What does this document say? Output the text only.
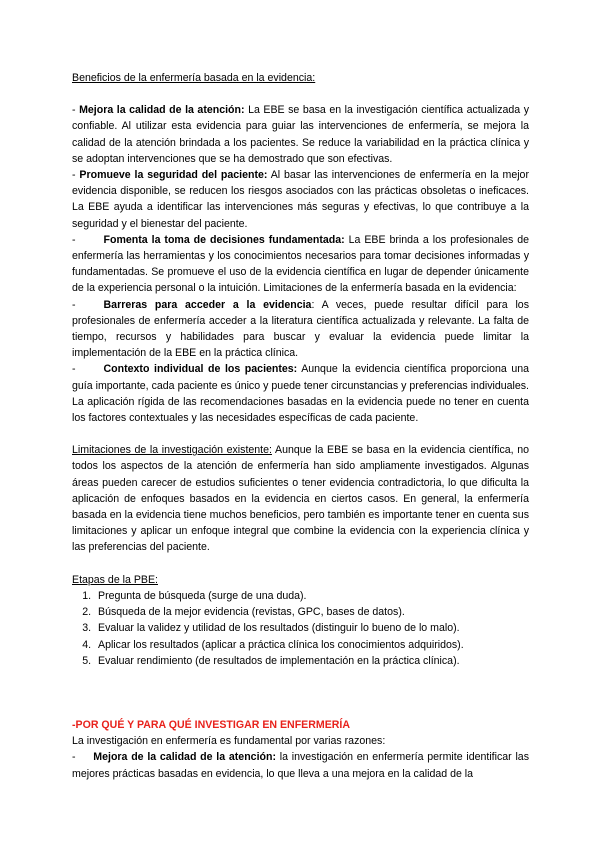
Beneficios de la enfermería basada en la evidencia:

- Mejora la calidad de la atención: La EBE se basa en la investigación científica actualizada y confiable. Al utilizar esta evidencia para guiar las intervenciones de enfermería, se mejora la calidad de la atención brindada a los pacientes. Se reduce la variabilidad en la práctica clínica y se adoptan intervenciones que se ha demostrado que son efectivas.

- Promueve la seguridad del paciente: Al basar las intervenciones de enfermería en la mejor evidencia disponible, se reducen los riesgos asociados con las prácticas obsoletas o ineficaces. La EBE ayuda a identificar las intervenciones más seguras y efectivas, lo que contribuye a la seguridad y el bienestar del paciente.

-	Fomenta la toma de decisiones fundamentada: La EBE brinda a los profesionales de enfermería las herramientas y los conocimientos necesarios para tomar decisiones informadas y fundamentadas. Se promueve el uso de la evidencia científica en lugar de depender únicamente de la experiencia personal o la intuición. Limitaciones de la enfermería basada en la evidencia:

-	Barreras para acceder a la evidencia: A veces, puede resultar difícil para los profesionales de enfermería acceder a la literatura científica actualizada y relevante. La falta de tiempo, recursos y habilidades para buscar y evaluar la evidencia puede limitar la implementación de la EBE en la práctica clínica.

-	Contexto individual de los pacientes: Aunque la evidencia científica proporciona una guía importante, cada paciente es único y puede tener circunstancias y preferencias individuales. La aplicación rígida de las recomendaciones basadas en la evidencia puede no tener en cuenta los factores contextuales y las necesidades específicas de cada paciente.

Limitaciones de la investigación existente: Aunque la EBE se basa en la evidencia científica, no todos los aspectos de la atención de enfermería han sido ampliamente investigados. Algunas áreas pueden carecer de estudios suficientes o tener evidencia contradictoria, lo que dificulta la aplicación de enfoques basados en la evidencia en ciertos casos. En general, la enfermería basada en la evidencia tiene muchos beneficios, pero también es importante tener en cuenta sus limitaciones y aplicar un enfoque integral que combine la evidencia con la experiencia clínica y las preferencias del paciente.

Etapas de la PBE:

1. Pregunta de búsqueda (surge de una duda).
2. Búsqueda de la mejor evidencia (revistas, GPC, bases de datos).
3. Evaluar la validez y utilidad de los resultados (distinguir lo bueno de lo malo).
4. Aplicar los resultados (aplicar a práctica clínica los conocimientos adquiridos).
5. Evaluar rendimiento (de resultados de implementación en la práctica clínica).

-POR QUÉ Y PARA QUÉ INVESTIGAR EN ENFERMERÍA

La investigación en enfermería es fundamental por varias razones:

- Mejora de la calidad de la atención: la investigación en enfermería permite identificar las mejores prácticas basadas en evidencia, lo que lleva a una mejora en la calidad de la
